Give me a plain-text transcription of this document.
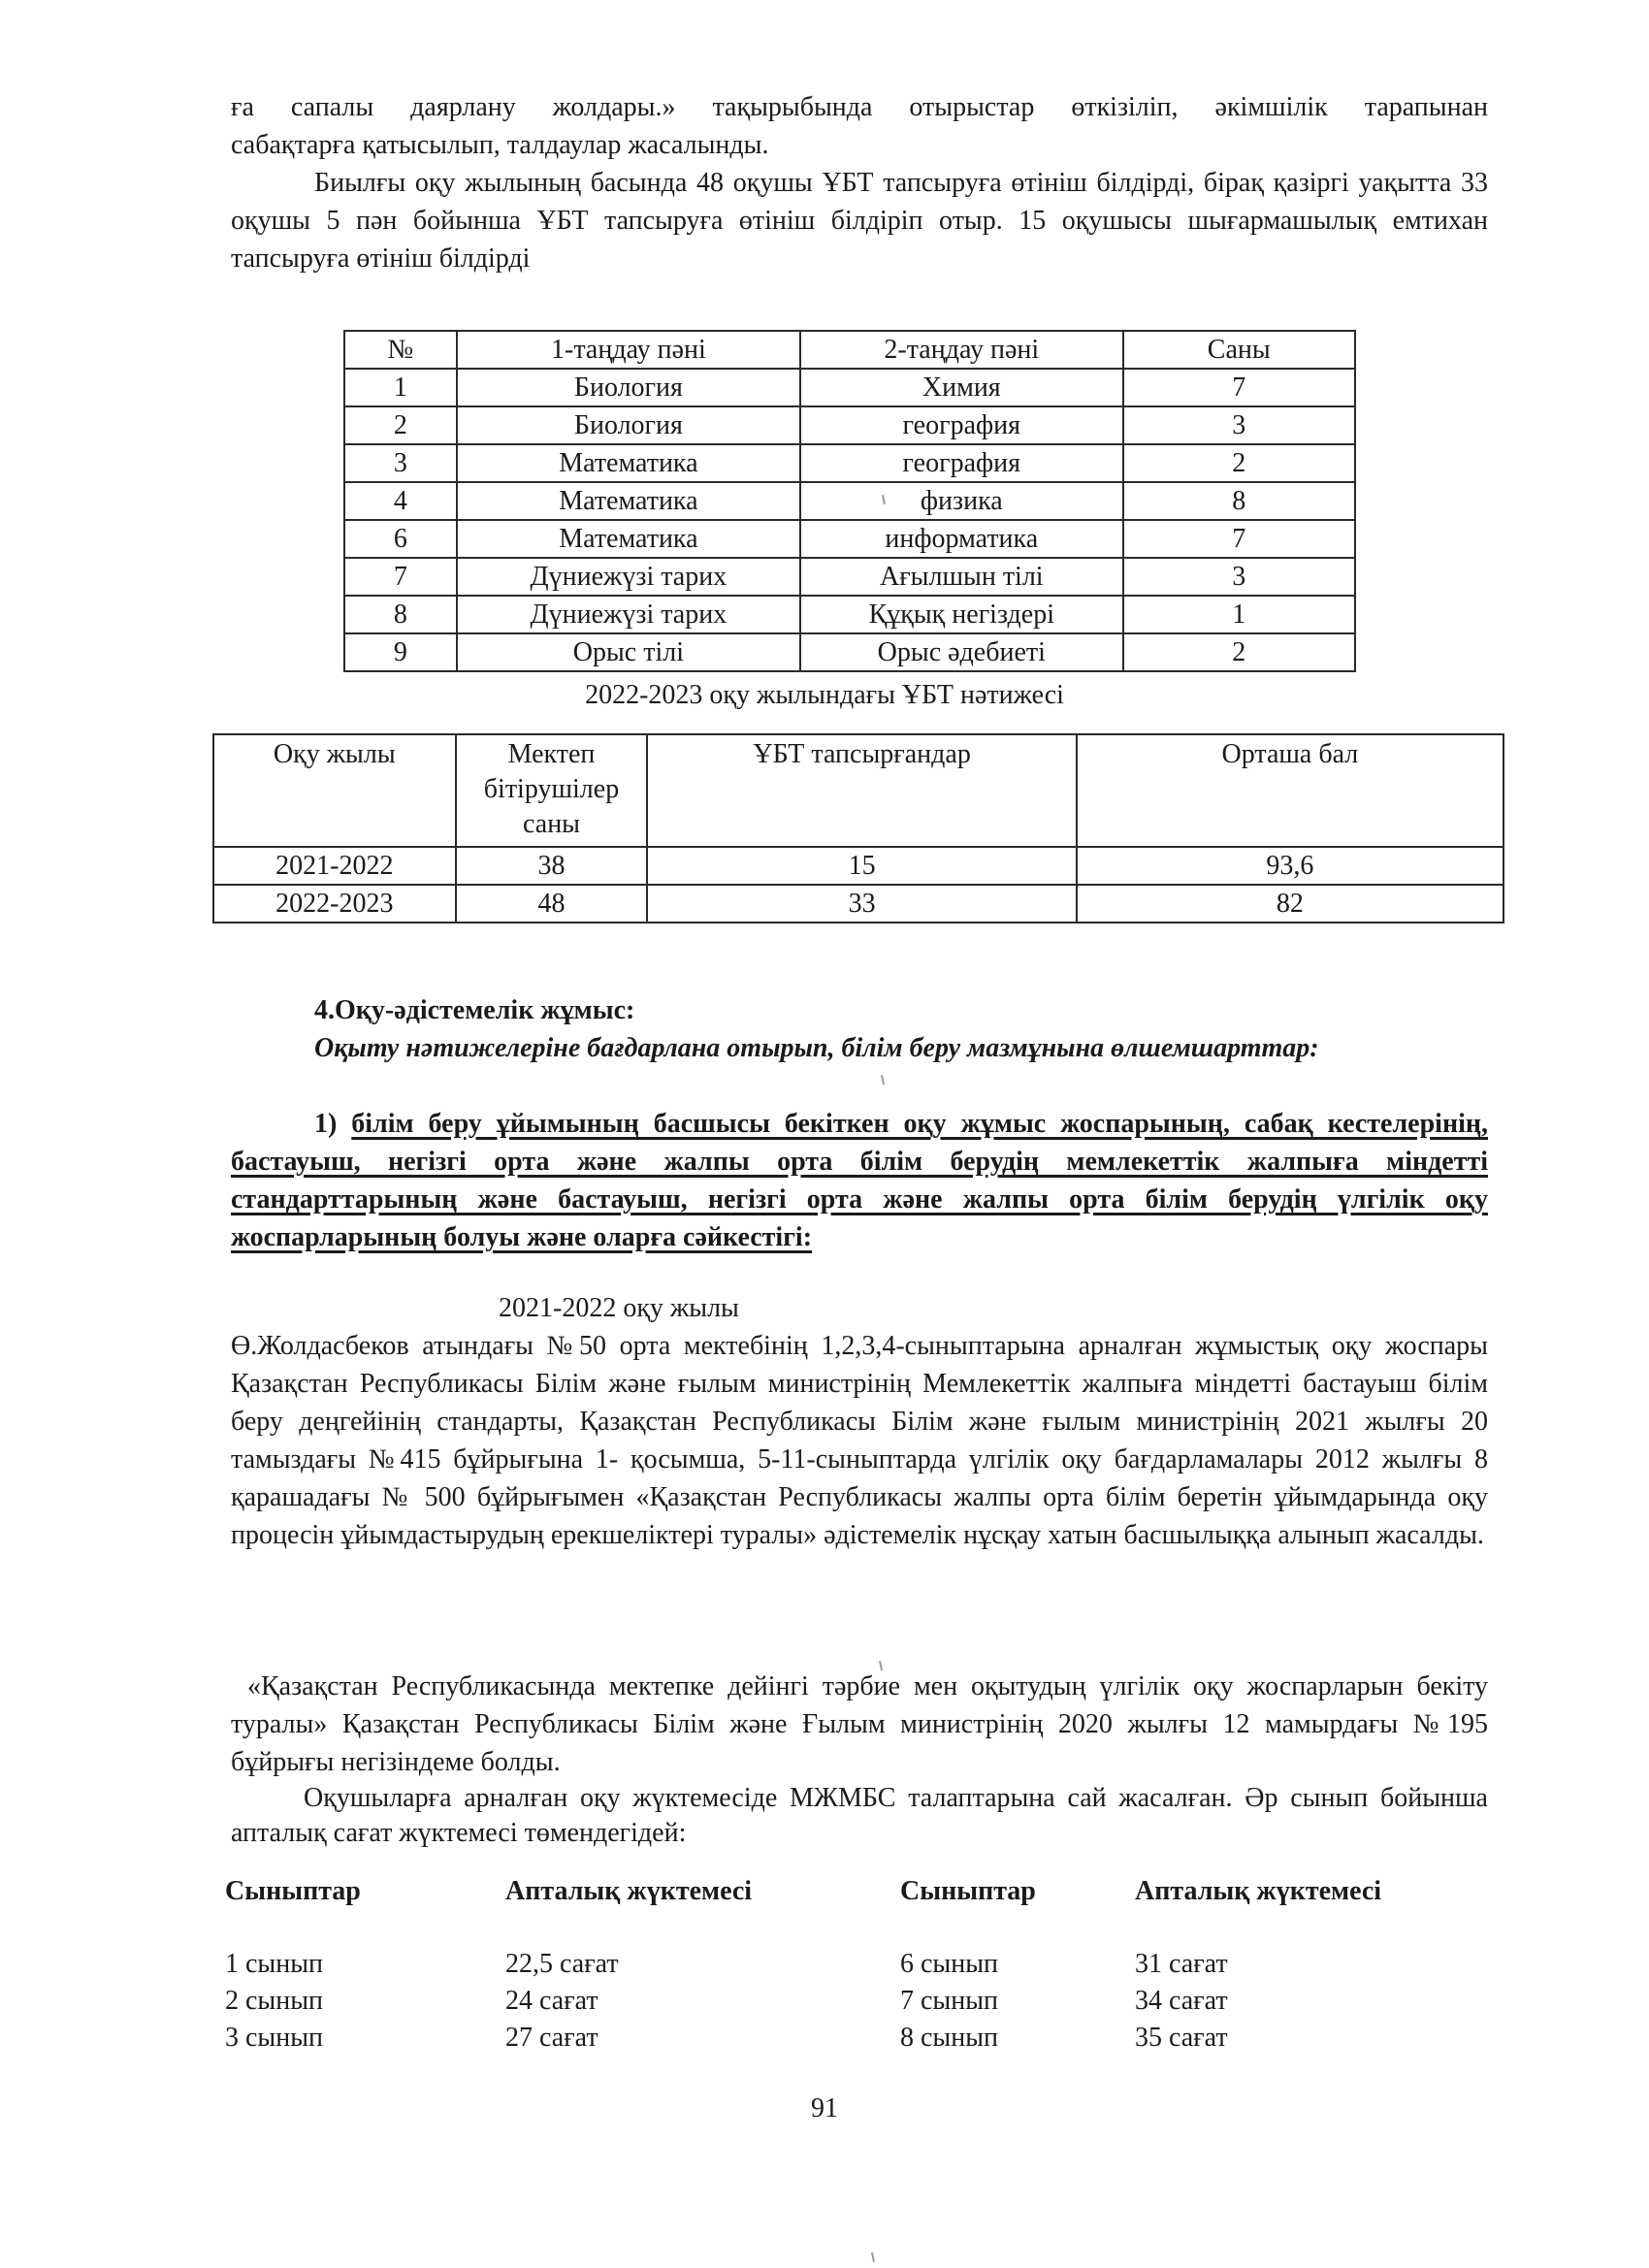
ға сапалы даярлану жолдары.» тақырыбында отырыстар өткізіліп, әкімшілік тарапынан
сабақтарға қатысылып, талдаулар жасалынды.
Биылғы оқу жылының басында 48 оқушы ҰБТ тапсыруға өтініш білдірді, бірақ қазіргі уақытта 33 оқушы 5 пән бойынша ҰБТ тапсыруға өтініш білдіріп отыр. 15 оқушысы шығармашылық емтихан тапсыруға өтініш білдірді
№	1-таңдау пәні	2-таңдау пәні	Саны
1	Биология	Химия	7
2	Биология	география	3
3	Математика	география	2
4	Математика	физика	8
6	Математика	информатика	7
7	Дүниежүзі тарих	Ағылшын тілі	3
8	Дүниежүзі тарих	Құқық негіздері	1
9	Орыс тілі	Орыс әдебиеті	2
2022-2023 оқу жылындағы ҰБТ нәтижесі
Оқу жылы	Мектеп бітірушілер саны	ҰБТ тапсырғандар	Орташа бал
2021-2022	38	15	93,6
2022-2023	48	33	82
4.Оқу-әдістемелік жұмыс:
Оқыту нәтижелеріне бағдарлана отырып, білім беру мазмұнына өлшемшарттар:
1) білім беру ұйымының басшысы бекіткен оқу жұмыс жоспарының, сабақ кестелерінің, бастауыш, негізгі орта және жалпы орта білім берудің мемлекеттік жалпыға міндетті стандарттарының және бастауыш, негізгі орта және жалпы орта білім берудің үлгілік оқу жоспарларының болуы және оларға сәйкестігі:
2021-2022 оқу жылы
Ө.Жолдасбеков атындағы №50 орта мектебінің 1,2,3,4-сыныптарына арналған жұмыстық оқу жоспары Қазақстан Республикасы Білім және ғылым министрінің Мемлекеттік жалпыға міндетті бастауыш білім беру деңгейінің стандарты, Қазақстан Республикасы Білім және ғылым министрінің 2021 жылғы 20 тамыздағы №415 бұйрығына 1- қосымша, 5-11-сыныптарда үлгілік оқу бағдарламалары 2012 жылғы 8 қарашадағы № 500 бұйрығымен «Қазақстан Республикасы жалпы орта білім беретін ұйымдарында оқу процесін ұйымдастырудың ерекшеліктері туралы» әдістемелік нұсқау хатын басшылыққа алынып жасалды.
«Қазақстан Республикасында мектепке дейінгі тәрбие мен оқытудың үлгілік оқу жоспарларын бекіту туралы» Қазақстан Республикасы Білім және Ғылым министрінің 2020 жылғы 12 мамырдағы №195 бұйрығы негізіндеме болды.
Оқушыларға арналған оқу жүктемесіде МЖМБС талаптарына сай жасалған. Әр сынып бойынша апталық сағат жүктемесі төмендегідей:
Сыныптар	Апталық жүктемесі	Сыныптар	Апталық жүктемесі
1 сынып	22,5 сағат	6 сынып	31 сағат
2 сынып	24 сағат	7 сынып	34 сағат
3 сынып	27 сағат	8 сынып	35 сағат
91
